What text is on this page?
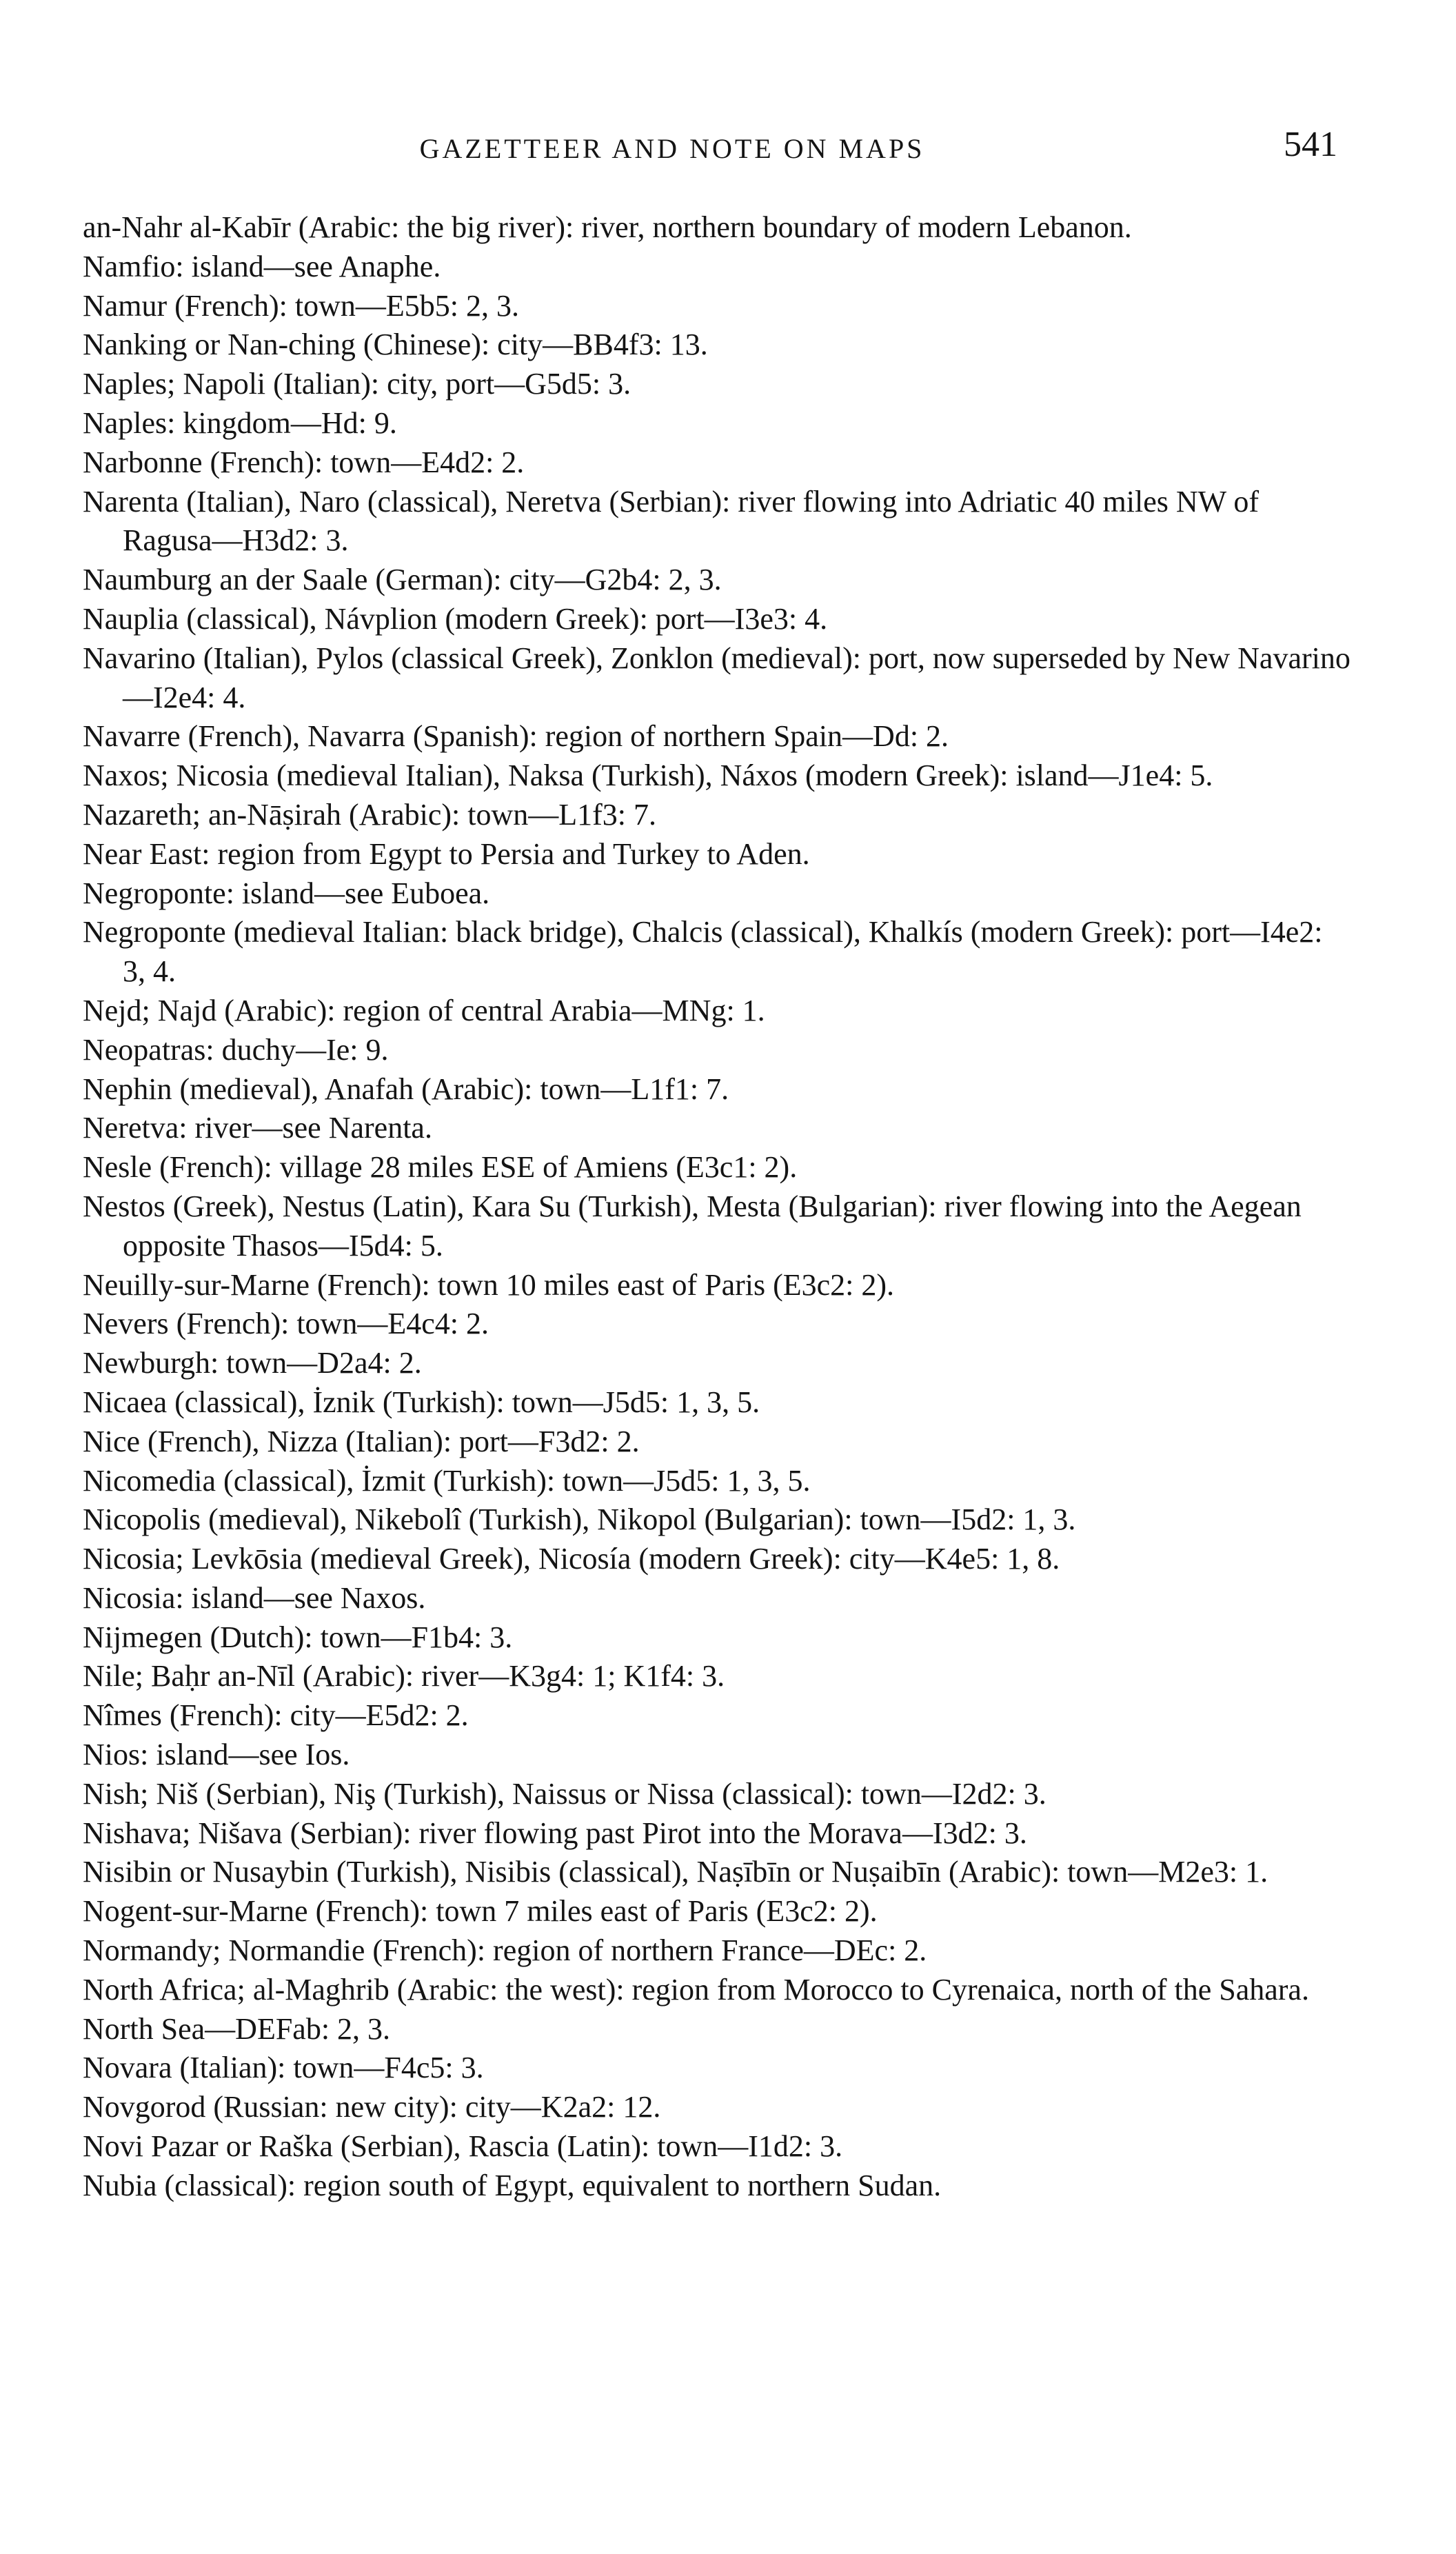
GAZETTEER AND NOTE ON MAPS	541
an-Nahr al-Kabīr (Arabic: the big river): river, northern boundary of modern Lebanon.
Namfio: island—see Anaphe.
Namur (French): town—E5b5: 2, 3.
Nanking or Nan-ching (Chinese): city—BB4f3: 13.
Naples; Napoli (Italian): city, port—G5d5: 3.
Naples: kingdom—Hd: 9.
Narbonne (French): town—E4d2: 2.
Narenta (Italian), Naro (classical), Neretva (Serbian): river flowing into Adriatic 40 miles NW of Ragusa—H3d2: 3.
Naumburg an der Saale (German): city—G2b4: 2, 3.
Nauplia (classical), Návplion (modern Greek): port—I3e3: 4.
Navarino (Italian), Pylos (classical Greek), Zonklon (medieval): port, now superseded by New Navarino—I2e4: 4.
Navarre (French), Navarra (Spanish): region of northern Spain—Dd: 2.
Naxos; Nicosia (medieval Italian), Naksa (Turkish), Náxos (modern Greek): island—J1e4: 5.
Nazareth; an-Nāṣirah (Arabic): town—L1f3: 7.
Near East: region from Egypt to Persia and Turkey to Aden.
Negroponte: island—see Euboea.
Negroponte (medieval Italian: black bridge), Chalcis (classical), Khalkís (modern Greek): port—I4e2: 3, 4.
Nejd; Najd (Arabic): region of central Arabia—MNg: 1.
Neopatras: duchy—Ie: 9.
Nephin (medieval), Anafah (Arabic): town—L1f1: 7.
Neretva: river—see Narenta.
Nesle (French): village 28 miles ESE of Amiens (E3c1: 2).
Nestos (Greek), Nestus (Latin), Kara Su (Turkish), Mesta (Bulgarian): river flowing into the Aegean opposite Thasos—I5d4: 5.
Neuilly-sur-Marne (French): town 10 miles east of Paris (E3c2: 2).
Nevers (French): town—E4c4: 2.
Newburgh: town—D2a4: 2.
Nicaea (classical), İznik (Turkish): town—J5d5: 1, 3, 5.
Nice (French), Nizza (Italian): port—F3d2: 2.
Nicomedia (classical), İzmit (Turkish): town—J5d5: 1, 3, 5.
Nicopolis (medieval), Nikebolî (Turkish), Nikopol (Bulgarian): town—I5d2: 1, 3.
Nicosia; Levkōsia (medieval Greek), Nicosía (modern Greek): city—K4e5: 1, 8.
Nicosia: island—see Naxos.
Nijmegen (Dutch): town—F1b4: 3.
Nile; Baḥr an-Nīl (Arabic): river—K3g4: 1; K1f4: 3.
Nîmes (French): city—E5d2: 2.
Nios: island—see Ios.
Nish; Niš (Serbian), Niş (Turkish), Naissus or Nissa (classical): town—I2d2: 3.
Nishava; Nišava (Serbian): river flowing past Pirot into the Morava—I3d2: 3.
Nisibin or Nusaybin (Turkish), Nisibis (classical), Naṣībīn or Nuṣaibīn (Arabic): town—M2e3: 1.
Nogent-sur-Marne (French): town 7 miles east of Paris (E3c2: 2).
Normandy; Normandie (French): region of northern France—DEc: 2.
North Africa; al-Maghrib (Arabic: the west): region from Morocco to Cyrenaica, north of the Sahara.
North Sea—DEFab: 2, 3.
Novara (Italian): town—F4c5: 3.
Novgorod (Russian: new city): city—K2a2: 12.
Novi Pazar or Raška (Serbian), Rascia (Latin): town—I1d2: 3.
Nubia (classical): region south of Egypt, equivalent to northern Sudan.
